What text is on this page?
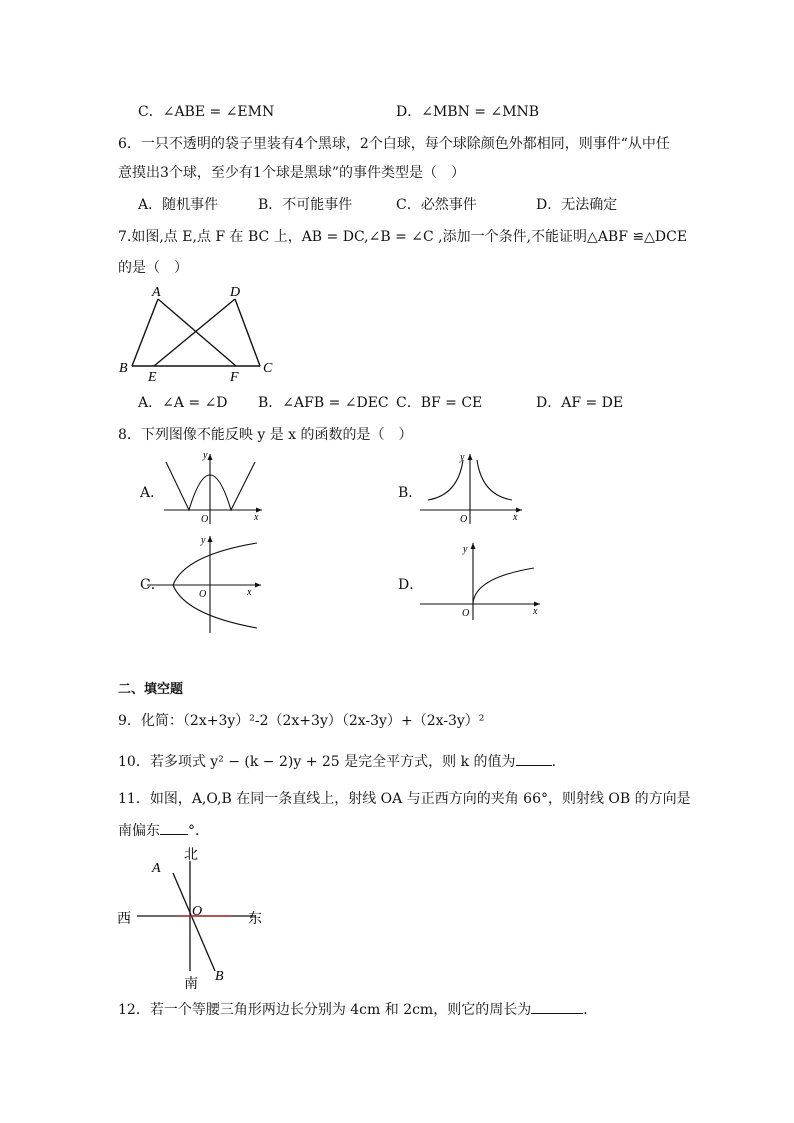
C．∠ABE = ∠EMN	D．∠MBN = ∠MNB
6．一只不透明的袋子里装有4个黑球，2个白球，每个球除颜色外都相同，则事件“从中任
意摸出3个球，至少有1个球是黑球”的事件类型是（　）
A．随机事件	B．不可能事件	C．必然事件	D．无法确定
7.如图,点 E,点 F 在 BC 上，AB = DC,∠B = ∠C ,添加一个条件,不能证明△ABF ≌△DCE
的是（　）
A	D
B
E	F
C
A．∠A = ∠D B．∠AFB = ∠DEC C．BF = CE	D．AF = DE
8．下列图像不能反映 y 是 x 的函数的是（　）
A．
x
y
O
B．
x
y
O
C．	x
y
O
D．
x
y
O
二、填空题
9．化简：（2x+3y）²-2（2x+3y）（2x-3y）+（2x-3y）²
10．若多项式 y² − (k − 2)y + 25 是完全平方式，则 k 的值为	.
11．如图，A,O,B 在同一条直线上，射线 OA 与正西方向的夹角 66°，则射线 OB 的方向是
南偏东 °．
北
西	东
南
A
O
B
12．若一个等腰三角形两边长分别为 4cm 和 2cm，则它的周长为	．
